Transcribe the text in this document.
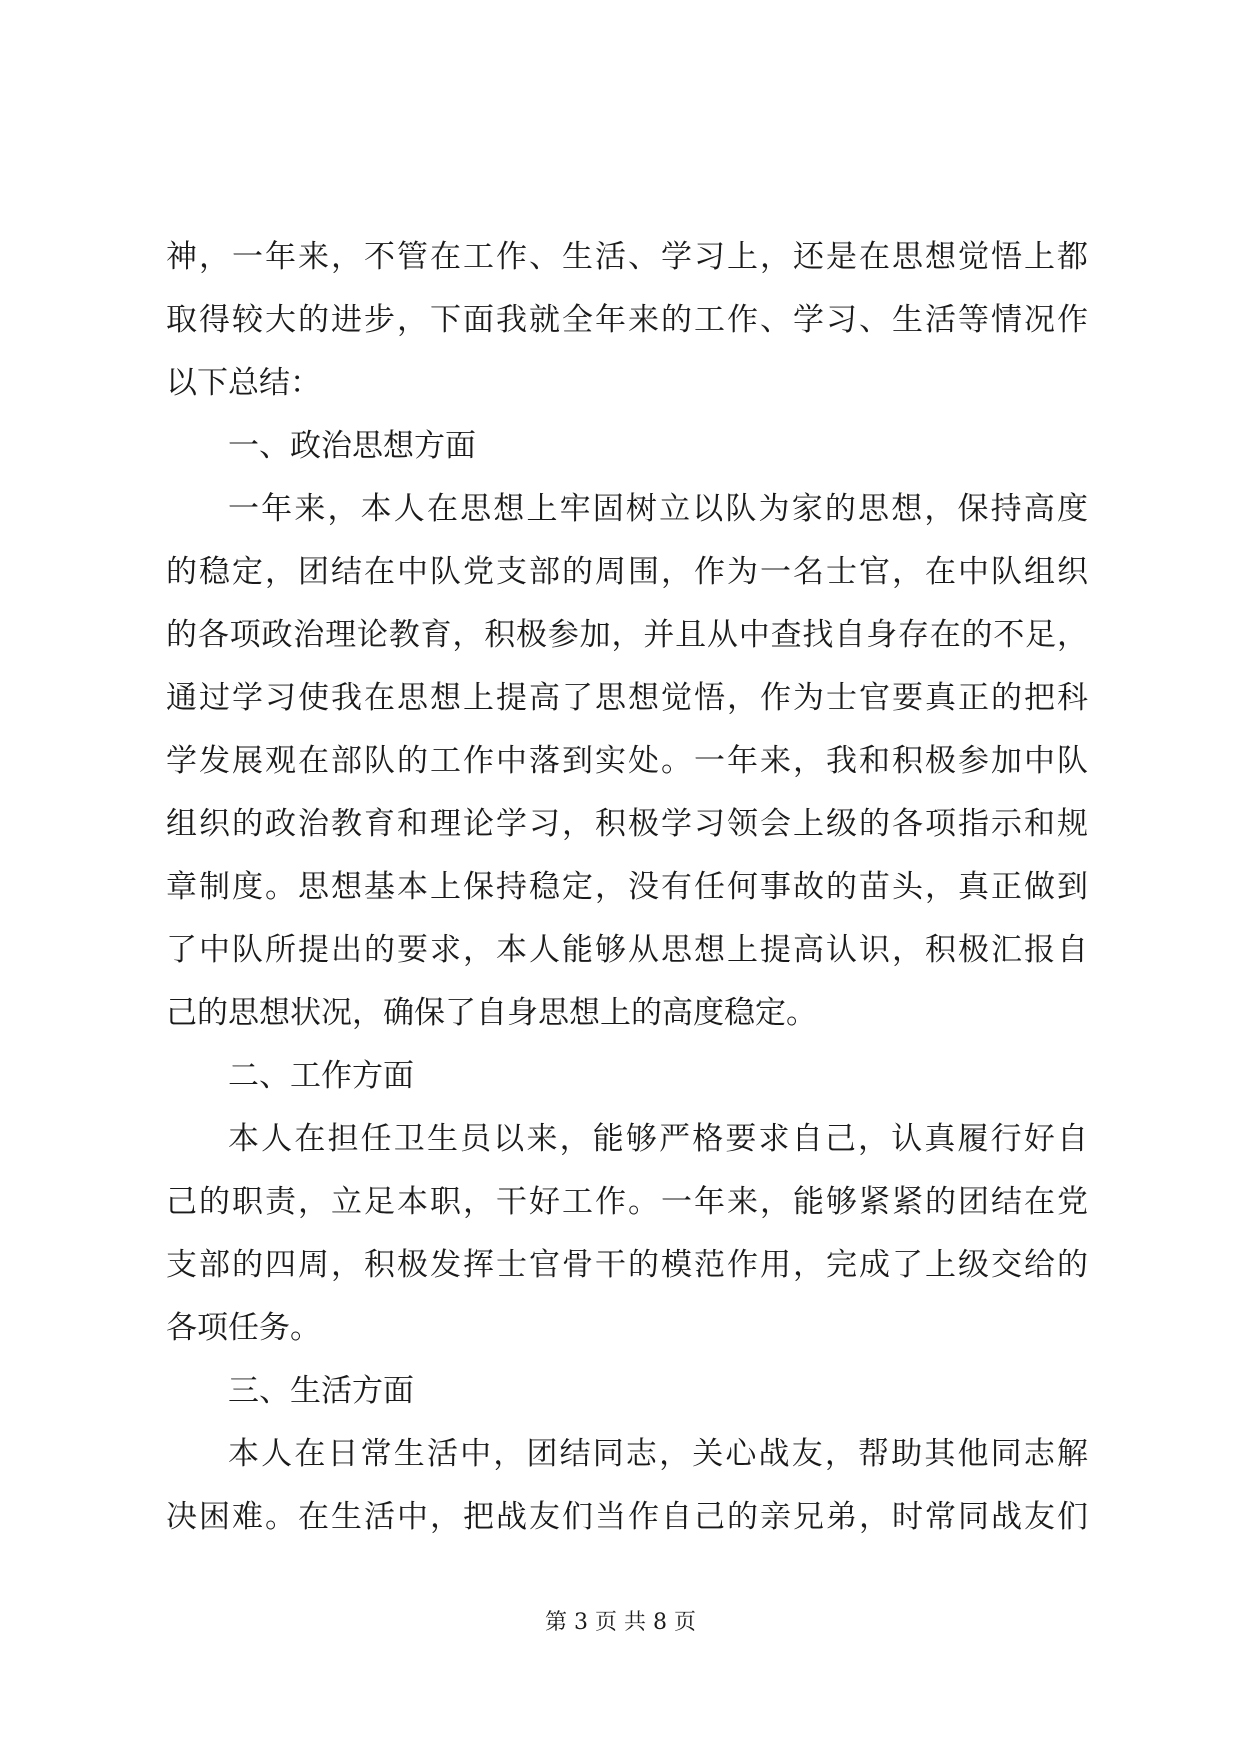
神，一年来，不管在工作、生活、学习上，还是在思想觉悟上都
取得较大的进步，下面我就全年来的工作、学习、生活等情况作
以下总结：
一、政治思想方面
一年来，本人在思想上牢固树立以队为家的思想，保持高度
的稳定，团结在中队党支部的周围，作为一名士官，在中队组织
的各项政治理论教育，积极参加，并且从中查找自身存在的不足，
通过学习使我在思想上提高了思想觉悟，作为士官要真正的把科
学发展观在部队的工作中落到实处。一年来，我和积极参加中队
组织的政治教育和理论学习，积极学习领会上级的各项指示和规
章制度。思想基本上保持稳定，没有任何事故的苗头，真正做到
了中队所提出的要求，本人能够从思想上提高认识，积极汇报自
己的思想状况，确保了自身思想上的高度稳定。
二、工作方面
本人在担任卫生员以来，能够严格要求自己，认真履行好自
己的职责，立足本职，干好工作。一年来，能够紧紧的团结在党
支部的四周，积极发挥士官骨干的模范作用，完成了上级交给的
各项任务。
三、生活方面
本人在日常生活中，团结同志，关心战友，帮助其他同志解
决困难。在生活中，把战友们当作自己的亲兄弟，时常同战友们
第 3 页 共 8 页
